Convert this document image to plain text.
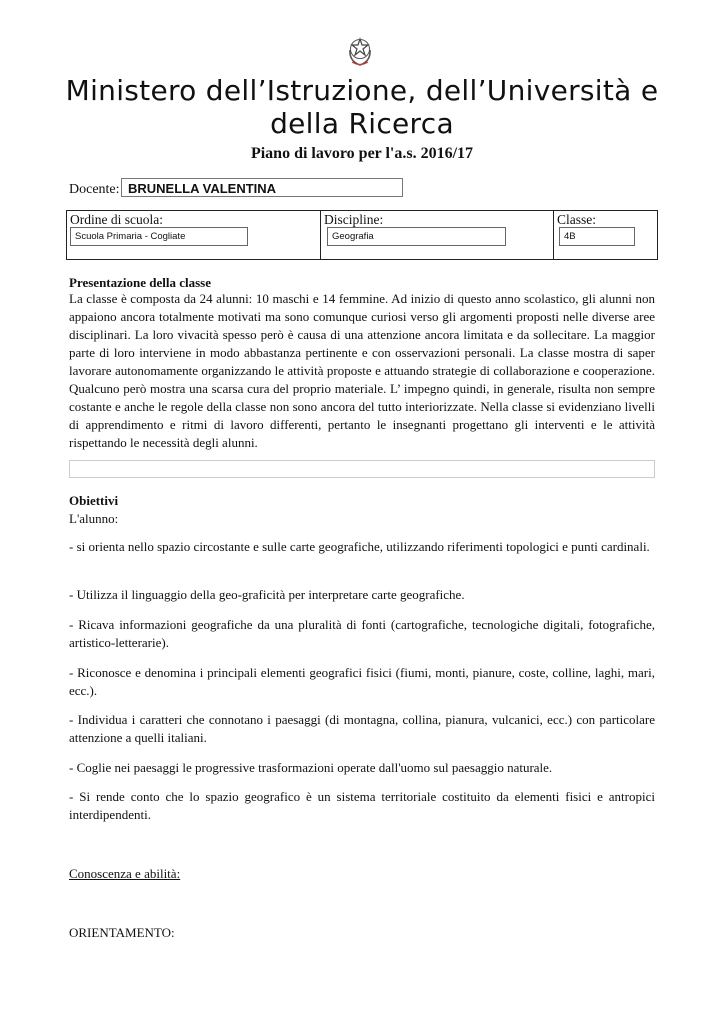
Ministero dell’Istruzione, dell’Università e della Ricerca
Piano di lavoro per l'a.s. 2016/17
Docente: BRUNELLA VALENTINA
Ordine di scuola:
Scuola Primaria - Cogliate
Discipline:
Geografia
Classe:
4B
Presentazione della classe

La classe è composta da 24 alunni: 10 maschi e 14 femmine. Ad inizio di questo anno scolastico, gli alunni non appaiono ancora totalmente motivati ma sono comunque curiosi verso gli argomenti proposti nelle diverse aree disciplinari. La loro vivacità spesso però è causa di una attenzione ancora limitata e da sollecitare. La maggior parte di loro interviene in modo abbastanza pertinente e con osservazioni personali. La classe mostra di saper lavorare autonomamente organizzando le attività proposte e attuando strategie di collaborazione e cooperazione. Qualcuno però mostra una scarsa cura del proprio materiale. L’ impegno quindi, in generale, risulta non sempre costante e anche le regole della classe non sono ancora del tutto interiorizzate. Nella classe si evidenziano livelli di apprendimento e ritmi di lavoro differenti, pertanto le insegnanti progettano gli interventi e le attività rispettando le necessità degli alunni.

Obiettivi

L'alunno:

- si orienta nello spazio circostante e sulle carte geografiche, utilizzando riferimenti topologici e punti cardinali.

- Utilizza il linguaggio della geo-graficità per interpretare carte geografiche.

- Ricava informazioni geografiche da una pluralità di fonti (cartografiche, tecnologiche digitali, fotografiche, artistico-letterarie).

- Riconosce e denomina i principali elementi geografici fisici (fiumi, monti, pianure, coste, colline, laghi, mari, ecc.).

- Individua i caratteri che connotano i paesaggi (di montagna, collina, pianura, vulcanici, ecc.) con particolare attenzione a quelli italiani.

- Coglie nei paesaggi le progressive trasformazioni operate dall'uomo sul paesaggio naturale.

- Si rende conto che lo spazio geografico è un sistema territoriale costituito da elementi fisici e antropici interdipendenti.

Conoscenza e abilità:
ORIENTAMENTO:
